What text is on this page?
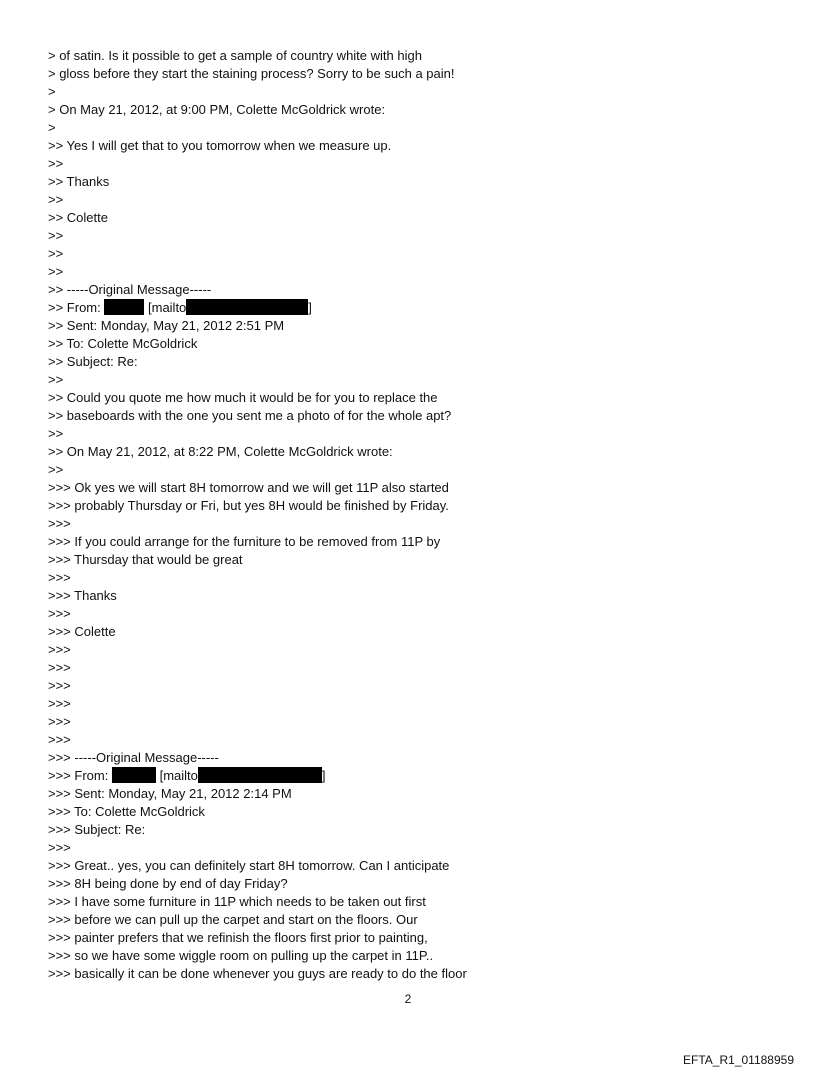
> of satin. Is it possible to get a sample of country white with high
> gloss before they start the staining process? Sorry to be such a pain!
>
> On May 21, 2012, at 9:00 PM, Colette McGoldrick wrote:
>
>> Yes I will get that to you tomorrow when we measure up.
>>
>> Thanks
>>
>> Colette
>>
>>
>>
>> -----Original Message-----
>> From:	[mailto	]
>> Sent: Monday, May 21, 2012 2:51 PM
>> To: Colette McGoldrick
>> Subject: Re:
>>
>> Could you quote me how much it would be for you to replace the
>> baseboards with the one you sent me a photo of for the whole apt?
>>
>> On May 21, 2012, at 8:22 PM, Colette McGoldrick wrote:
>>
>>> Ok yes we will start 8H tomorrow and we will get 11P also started
>>> probably Thursday or Fri, but yes 8H would be finished by Friday.
>>>
>>> If you could arrange for the furniture to be removed from 11P by
>>> Thursday that would be great
>>>
>>> Thanks
>>>
>>> Colette
>>>
>>>
>>>
>>>
>>>
>>>
>>> -----Original Message-----
>>> From:	[mailto	]
>>> Sent: Monday, May 21, 2012 2:14 PM
>>> To: Colette McGoldrick
>>> Subject: Re:
>>>
>>> Great.. yes, you can definitely start 8H tomorrow. Can I anticipate
>>> 8H being done by end of day Friday?
>>> I have some furniture in 11P which needs to be taken out first
>>> before we can pull up the carpet and start on the floors. Our
>>> painter prefers that we refinish the floors first prior to painting,
>>> so we have some wiggle room on pulling up the carpet in 11P..
>>> basically it can be done whenever you guys are ready to do the floor
2
EFTA_R1_01188959
